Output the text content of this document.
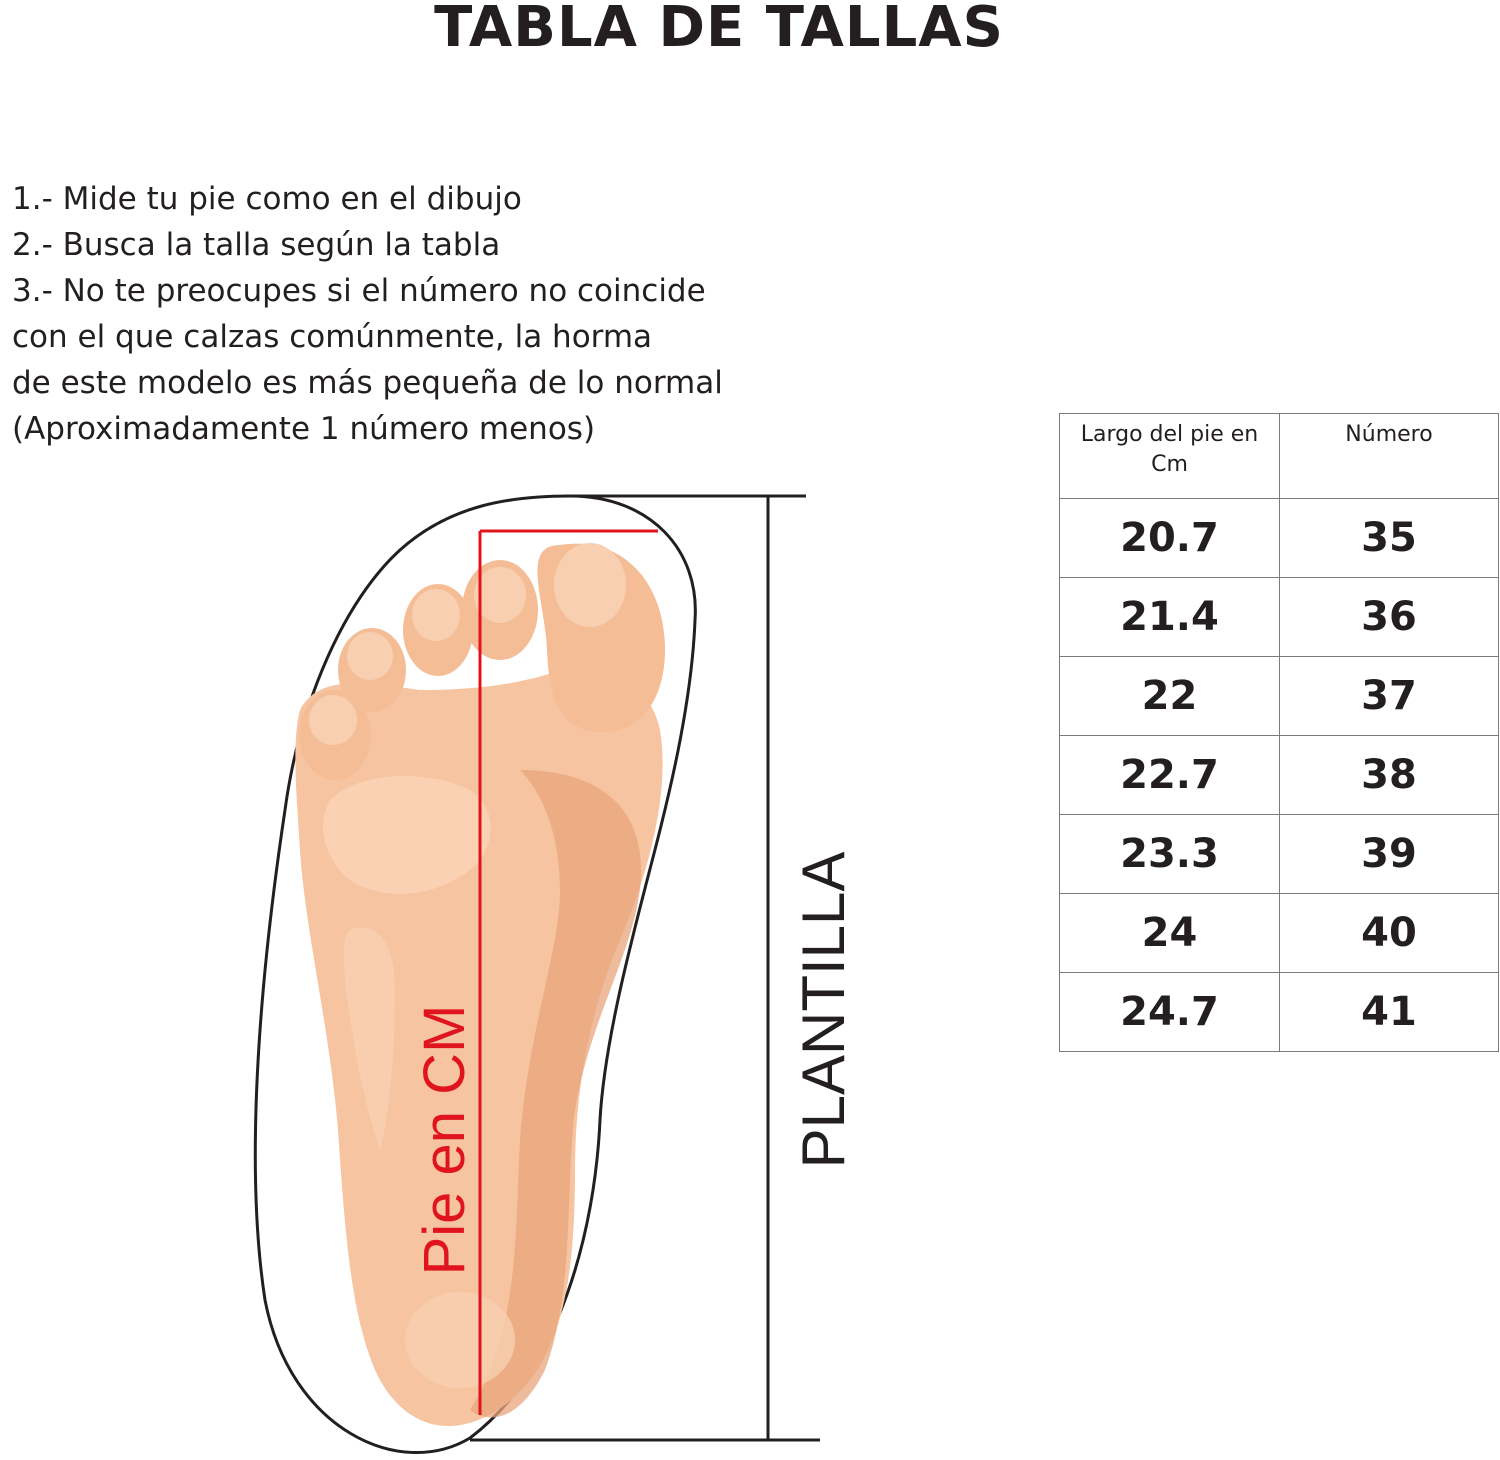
TABLA DE TALLAS
1.- Mide tu pie como en el dibujo
2.- Busca la talla según la tabla
3.- No te preocupes si el número no coincide
con el que calzas comúnmente, la horma
de este modelo es más pequeña de lo normal
(Aproximadamente 1 número menos)
Pie en CM	PLANTILLA
Largo del pie en Cm	Número
20.7	35
21.4	36
22	37
22.7	38
23.3	39
24	40
24.7	41
